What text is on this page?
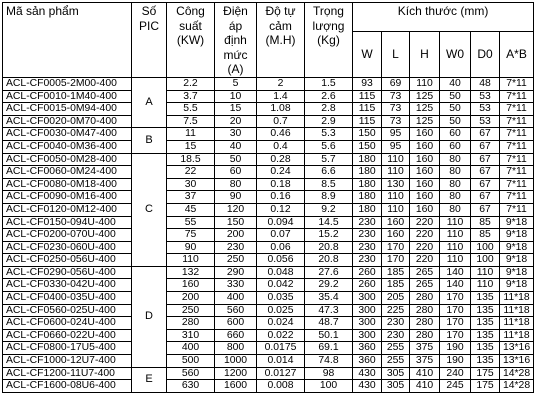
Mã sản phẩm	Số PIC	Công suất (KW)	Điện áp định mức (A)	Độ tự cảm (M.H)	Trọng lượng (Kg)	Kích thước (mm)					
						W	L	H	W0	D0	A*B
ACL-CF0005-2M00-400	A	2.2	5	2	1.5	93	69	110	40	48	7*11
ACL-CF0010-1M40-400		3.7	10	1.4	2.6	115	73	125	50	53	7*11
ACL-CF0015-0M94-400		5.5	15	1.08	2.8	115	73	125	50	53	7*11
ACL-CF0020-0M70-400		7.5	20	0.7	2.9	115	73	125	50	53	7*11
ACL-CF0030-0M47-400	B	11	30	0.46	5.3	150	95	160	60	67	7*11
ACL-CF0040-0M36-400		15	40	0.4	5.6	150	95	160	60	67	7*11
ACL-CF0050-0M28-400	C	18.5	50	0.28	5.7	180	110	160	80	67	7*11
ACL-CF0060-0M24-400		22	60	0.24	6.6	180	110	160	80	67	7*11
ACL-CF0080-0M18-400		30	80	0.18	8.5	180	130	160	80	67	7*11
ACL-CF0090-0M16-400		37	90	0.16	8.9	180	110	160	80	67	7*11
ACL-CF0120-0M12-400		45	120	0.12	9.2	180	110	160	80	67	7*11
ACL-CF0150-094U-400		55	150	0.094	14.5	230	160	220	110	85	9*18
ACL-CF0200-070U-400		75	200	0.07	15.2	230	160	220	110	85	9*18
ACL-CF0230-060U-400		90	230	0.06	20.8	230	170	220	110	100	9*18
ACL-CF0250-056U-400		110	250	0.056	20.8	230	170	220	110	100	9*18
ACL-CF0290-056U-400	D	132	290	0.048	27.6	260	185	265	140	110	9*18
ACL-CF0330-042U-400		160	330	0.042	29.2	260	185	265	140	110	9*18
ACL-CF0400-035U-400		200	400	0.035	35.4	300	205	280	170	135	11*18
ACL-CF0560-025U-400		250	560	0.025	47.3	300	225	280	170	135	11*18
ACL-CF0600-024U-400		280	600	0.024	48.7	300	230	280	170	135	11*18
ACL-CF0660-022U-400		310	660	0.022	50.1	300	230	280	170	135	11*18
ACL-CF0800-17U5-400		400	800	0.0175	69.1	360	255	375	190	135	13*16
ACL-CF1000-12U7-400		500	1000	0.014	74.8	360	255	375	190	135	13*16
ACL-CF1200-11U7-400	E	560	1200	0.0127	98	430	305	410	240	175	14*28
ACL-CF1600-08U6-400		630	1600	0.008	100	430	305	410	245	175	14*28
